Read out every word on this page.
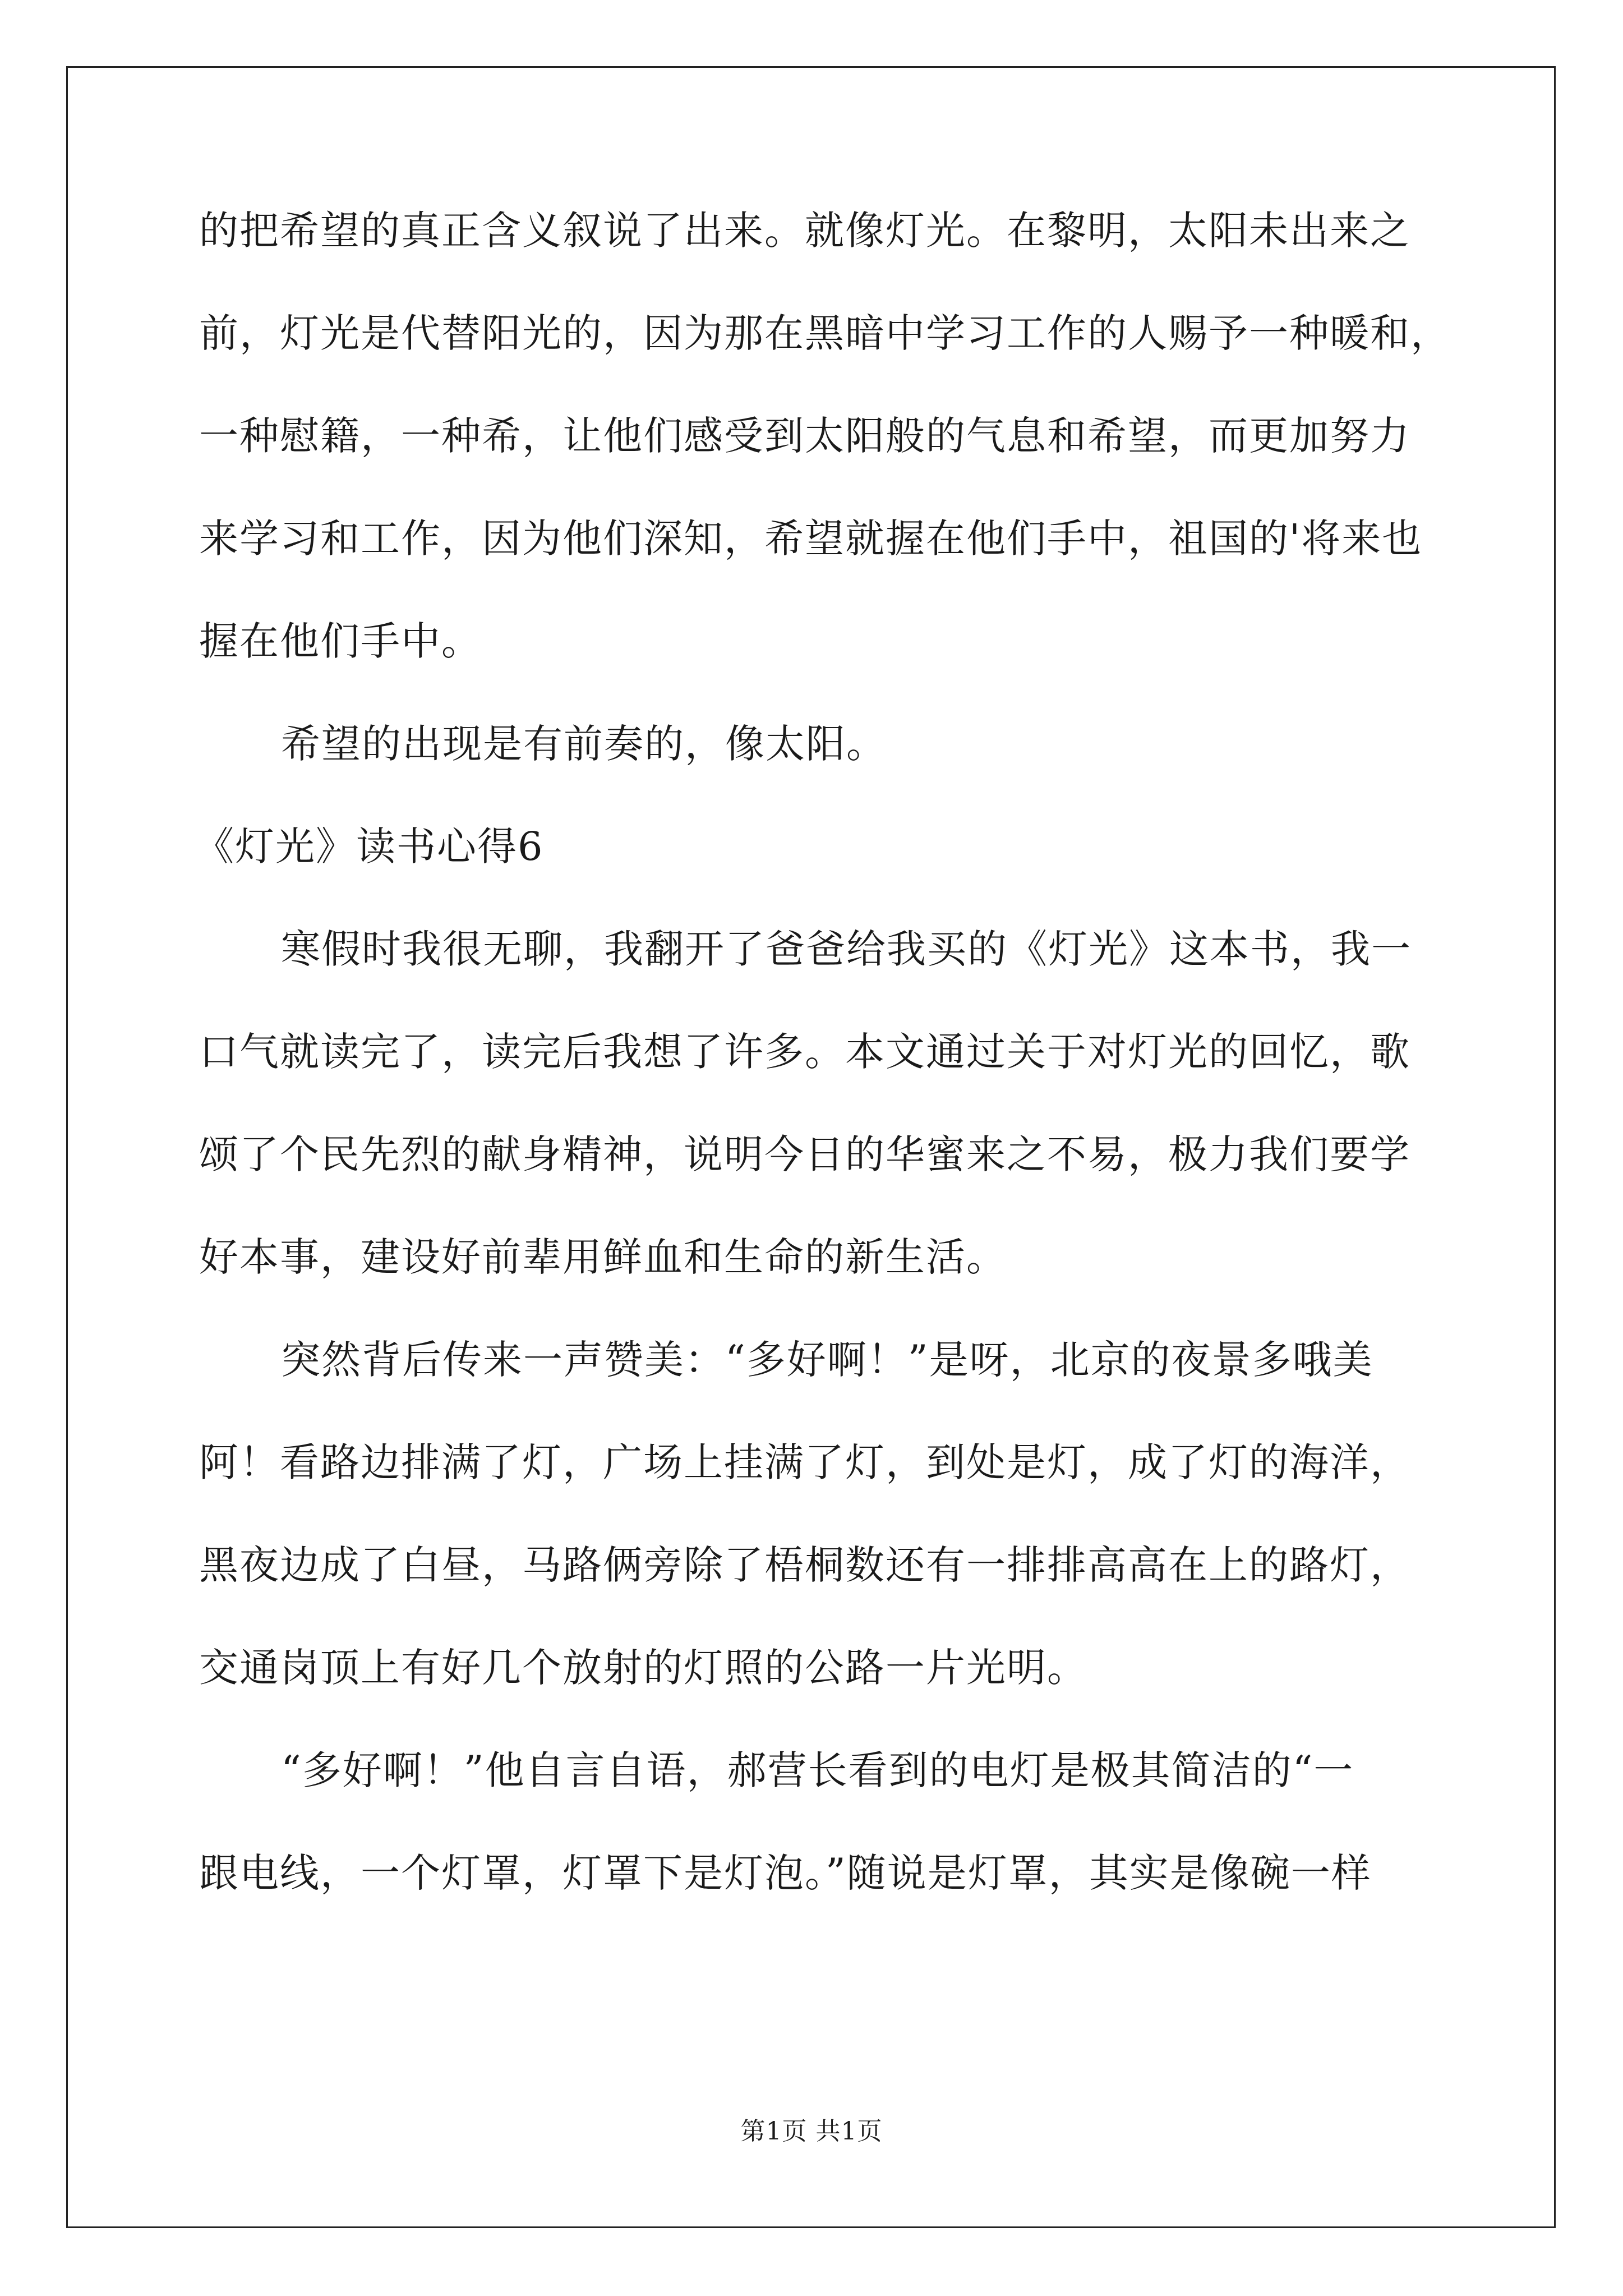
的把希望的真正含义叙说了出来。就像灯光。在黎明，太阳未出来之
前，灯光是代替阳光的，因为那在黑暗中学习工作的人赐予一种暖和，
一种慰籍，一种希，让他们感受到太阳般的气息和希望，而更加努力
来学习和工作，因为他们深知，希望就握在他们手中，祖国的'将来也
握在他们手中。
希望的出现是有前奏的，像太阳。
《灯光》读书心得6
寒假时我很无聊，我翻开了爸爸给我买的《灯光》这本书，我一
口气就读完了，读完后我想了许多。本文通过关于对灯光的回忆，歌
颂了个民先烈的献身精神，说明今日的华蜜来之不易，极力我们要学
好本事，建设好前辈用鲜血和生命的新生活。
突然背后传来一声赞美：“多好啊！”是呀，北京的夜景多哦美
阿！看路边排满了灯，广场上挂满了灯，到处是灯，成了灯的海洋，
黑夜边成了白昼，马路俩旁除了梧桐数还有一排排高高在上的路灯，
交通岗顶上有好几个放射的灯照的公路一片光明。
“多好啊！”他自言自语，郝营长看到的电灯是极其简洁的“一
跟电线，一个灯罩，灯罩下是灯泡。”随说是灯罩，其实是像碗一样
第1页 共1页
